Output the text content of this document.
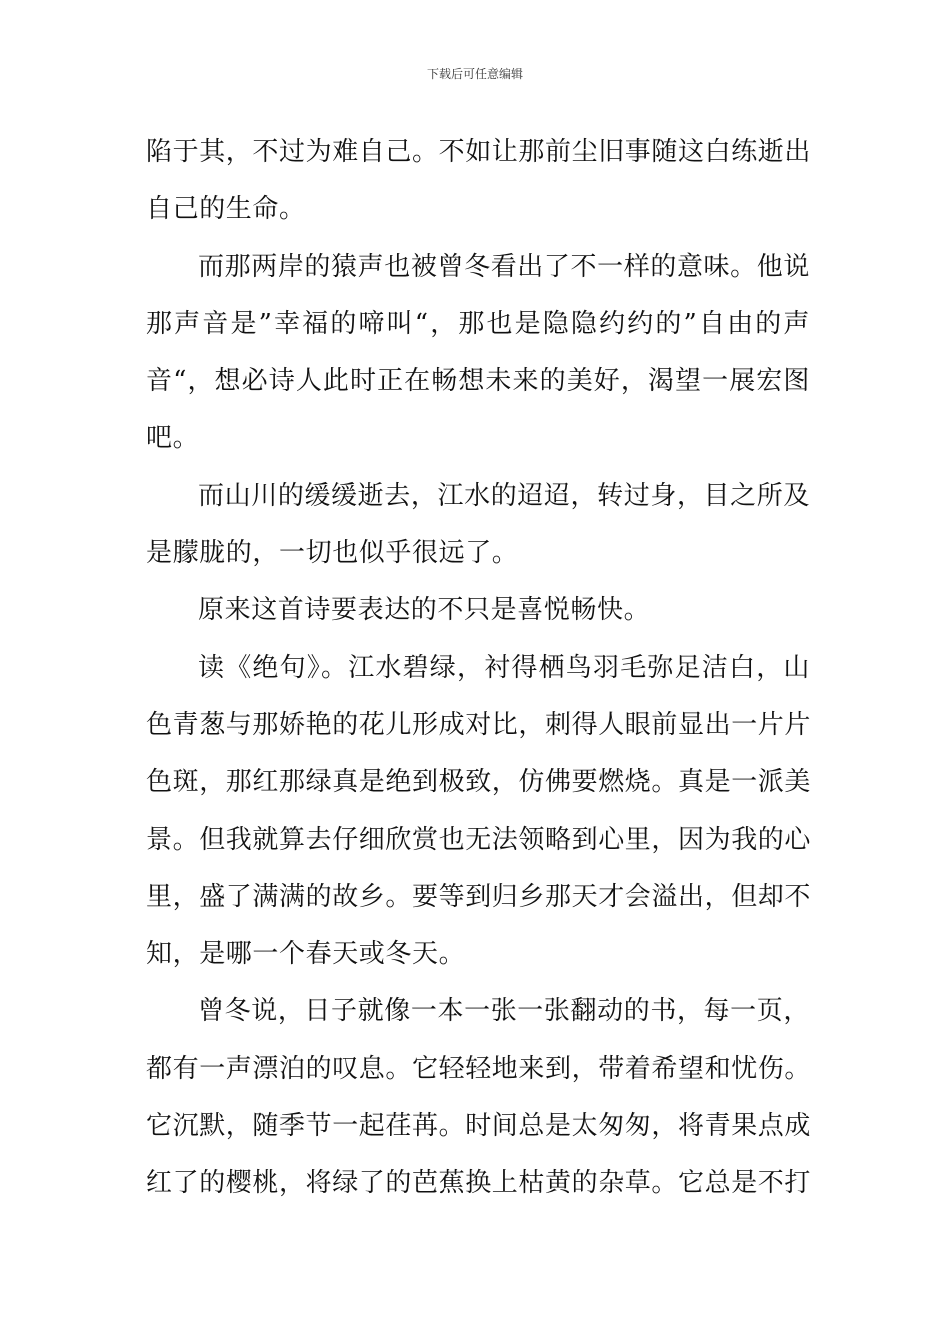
下载后可任意编辑

陷于其，不过为难自己。不如让那前尘旧事随这白练逝出
自己的生命。

而那两岸的猿声也被曾冬看出了不一样的意味。他说
那声音是”幸福的啼叫“，那也是隐隐约约的”自由的声
音“，想必诗人此时正在畅想未来的美好，渴望一展宏图
吧。

而山川的缓缓逝去，江水的迢迢，转过身，目之所及
是朦胧的，一切也似乎很远了。

原来这首诗要表达的不只是喜悦畅快。

读《绝句》。江水碧绿，衬得栖鸟羽毛弥足洁白，山
色青葱与那娇艳的花儿形成对比，刺得人眼前显出一片片
色斑，那红那绿真是绝到极致，仿佛要燃烧。真是一派美
景。但我就算去仔细欣赏也无法领略到心里，因为我的心
里，盛了满满的故乡。要等到归乡那天才会溢出，但却不
知，是哪一个春天或冬天。

曾冬说，日子就像一本一张一张翻动的书，每一页，
都有一声漂泊的叹息。它轻轻地来到，带着希望和忧伤。
它沉默，随季节一起荏苒。时间总是太匆匆，将青果点成
红了的樱桃，将绿了的芭蕉换上枯黄的杂草。它总是不打
